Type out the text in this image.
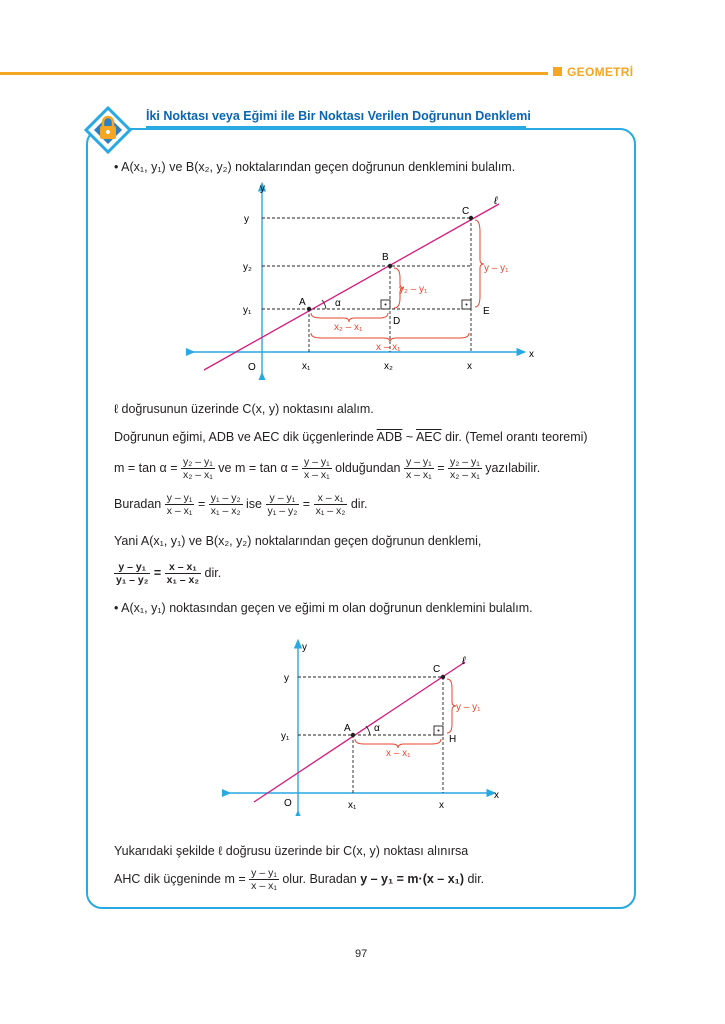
GEOMETRİ
İki Noktası veya Eğimi ile Bir Noktası Verilen Doğrunun Denklemi
• A(x₁, y₁) ve B(x₂, y₂) noktalarından geçen doğrunun denklemini bulalım.
y
x
O
ℓ
A
B
C
D
E
α
x₁	x₂	x
y
y₂
y₁
y₂ – y₁
x₂ – x₁
y – y₁
x – x₁
ℓ doğrusunun üzerinde C(x, y) noktasını alalım.
Doğrunun eğimi, ADB ve AEC dik üçgenlerinde $\overline{ADB}$ ~ $\overline{AEC}$ dir. (Temel orantı teoremi)
$m = \tan \alpha = \frac{\text{y₂ – y₁}}{\text{x₂ – x₁}}$ ve $m = \tan \alpha = \frac{\text{y – y₁}}{\text{x – x₁}}$ olduğundan $\frac{\text{y – y₁}}{\text{x – x₁}} = \frac{\text{y₂ – y₁}}{\text{x₂ – x₁}}$ yazılabilir.
Buradan $\frac{\text{y – y₁}}{\text{x – x₁}} = \frac{\text{y₁ – y₂}}{\text{x₁ – x₂}}$ ise $\frac{\text{y – y₁}}{\text{y₁ – y₂}} = \frac{\text{x – x₁}}{\text{x₁ – x₂}}$ dir.
Yani A(x₁, y₁) ve B(x₂, y₂) noktalarından geçen doğrunun denklemi,
$\frac{\text{y – y₁}}{\text{y₁ – y₂}} = \frac{\text{x – x₁}}{\text{x₁ – x₂}}$ dir.
• A(x₁, y₁) noktasından geçen ve eğimi m olan doğrunun denklemini bulalım.
y
x
O
ℓ
A
C
H
α
x₁	x
y
y₁
y – y₁
x – x₁
Yukarıdaki şekilde ℓ doğrusu üzerinde bir C(x, y) noktası alınırsa
AHC dik üçgeninde $m = \frac{\text{y – y₁}}{\text{x – x₁}}$ olur. Buradan y – y₁ = m·(x – x₁) dir.
97
